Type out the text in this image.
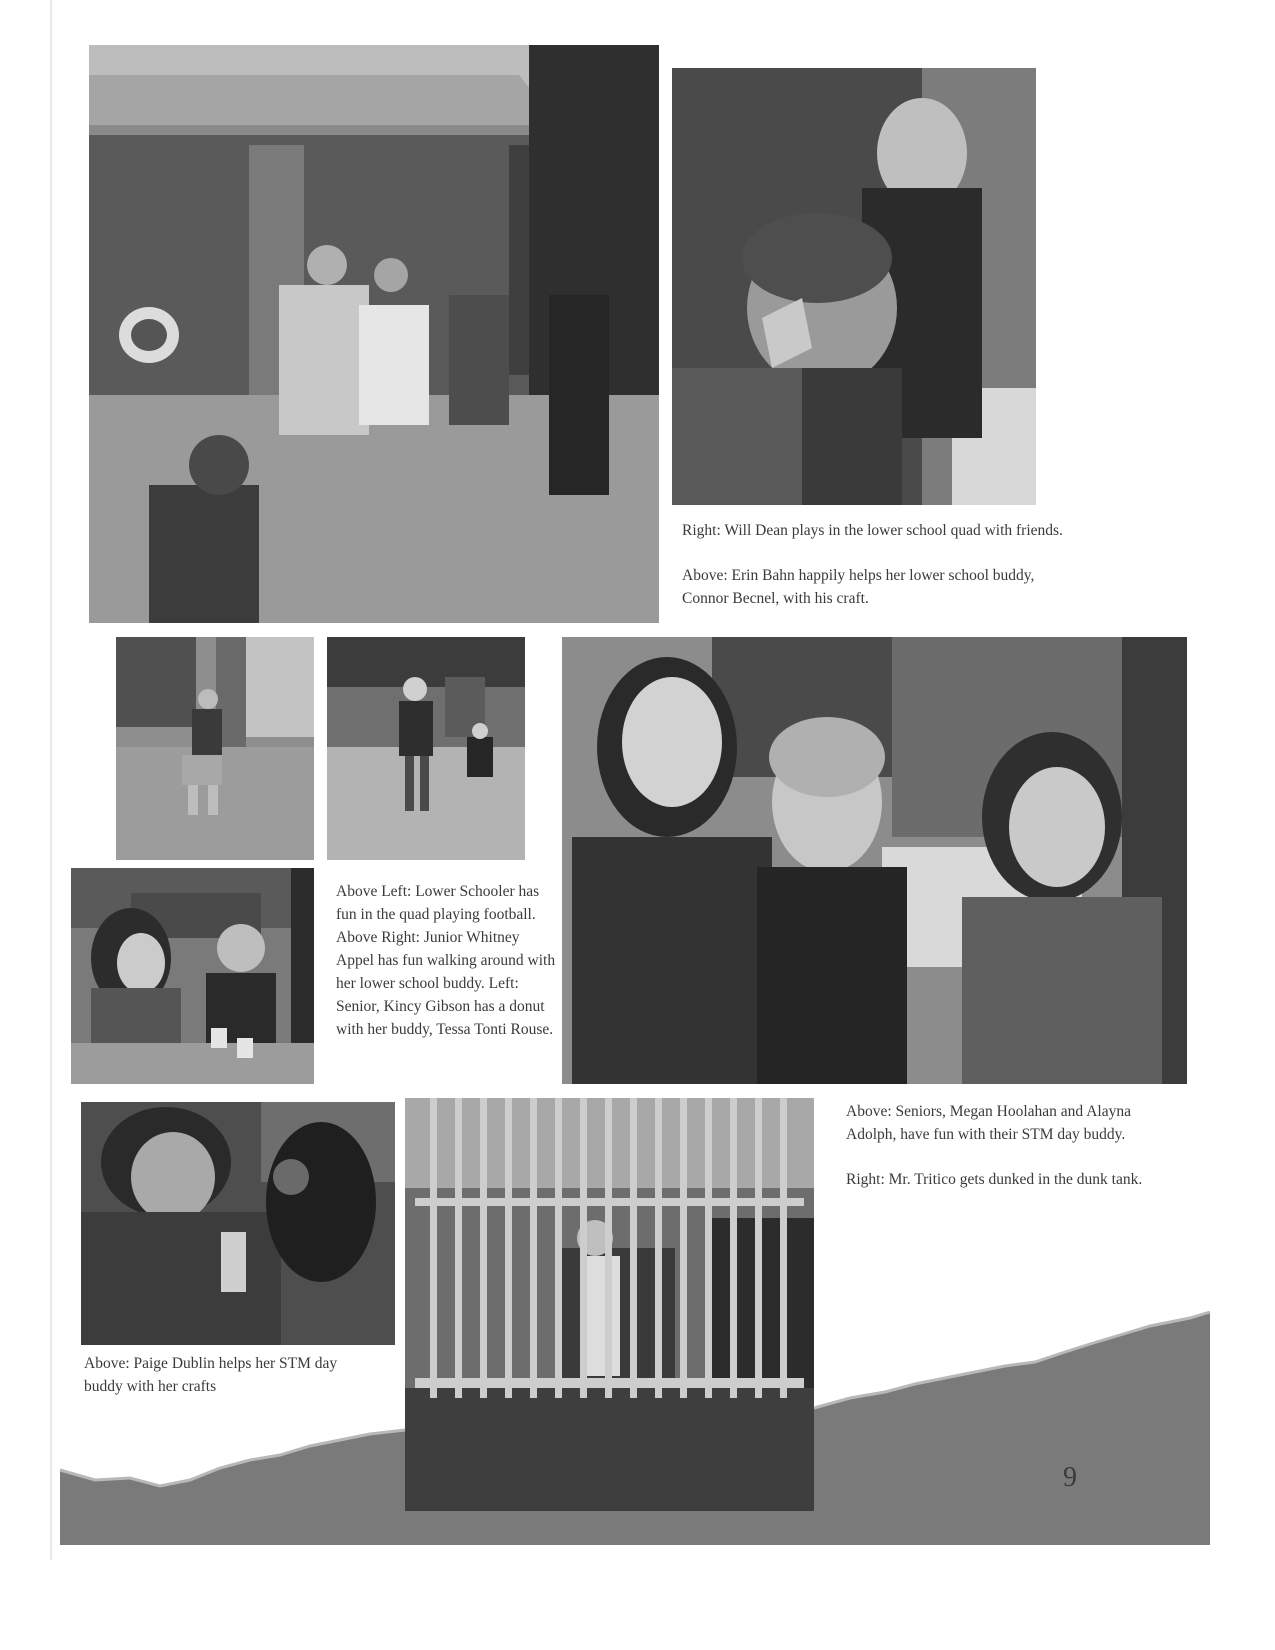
Right: Will Dean plays in the lower school quad with friends.

Above: Erin Bahn happily helps her lower school buddy, Connor Becnel, with his craft.

Above Left: Lower Schooler has fun in the quad playing football. Above Right: Junior Whitney Appel has fun walking around with her lower school buddy. Left: Senior, Kincy Gibson has a donut with her buddy, Tessa Tonti Rouse.

Above: Seniors, Megan Hoolahan and Alayna Adolph, have fun with their STM day buddy.

Right: Mr. Tritico gets dunked in the dunk tank.

Above: Paige Dublin helps her STM day buddy with her crafts

9
